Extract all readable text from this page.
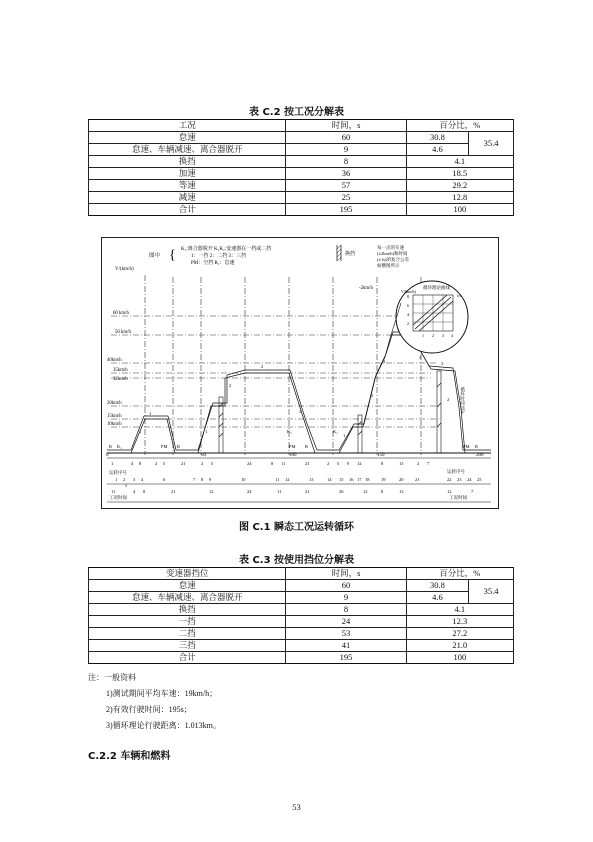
表 C.2 按工况分解表
工况	时间，s	百分比，%	
怠速	60	30.8	35.4
怠速、车辆减速、离合器脱开	9	4.6	
换挡	8	4.1	
加速	36	18.5	
等速	57	29.2	
减速	25	12.8	
合计	195	100	
图中 { K₁:离合器脱开 K₁K₂:变速器在一挡或二挡
1：一挡 2：二挡 3：三挡
PM：空挡 R₁：怠速
换挡
每一点的车速
(±2km/h)和时间
(±1s)的复合公差
如横图所示
V/(km/h)
60 km/h
50 km/h
40km/h
35km/h
32km/h
20km/h
15km/h
10km/h
-2km/h
1
1
1
2
2
2
1
2
3
3
3
2
R K₁	PM R
K₁
PM R
K₁
R
PM
0	50	100	150	200
1	4 8	2 5	21	2 5	24	8 11	21	2 5 9 12	8	13	2 7
运转序号
1 2 3 4
5
6	7 8 9	10	11 12	13	14 15 16 17 18	19	20	21
运转序号
22 23 24 25
11	4 8	21	12	24	11	21	26	12	8	13	12	7
工况时间	工况时间
循环时间195s
循环理论曲线
V/(km/h)
t/s
8
6
4
2
1 2 3 4
图 C.1 瞬态工况运转循环
表 C.3 按使用挡位分解表
变速器挡位	时间，s	百分比，%	
怠速	60	30.8	35.4
怠速、车辆减速、离合器脱开	9	4.6	
换挡	8	4.1	
一挡	24	12.3	
二挡	53	27.2	
三挡	41	21.0	
合计	195	100	
注：一般资料
1)测试期间平均车速：19km/h；
2)有效行驶时间：195s；
3)循环理论行驶距离：1.013km。
C.2.2 车辆和燃料
53
